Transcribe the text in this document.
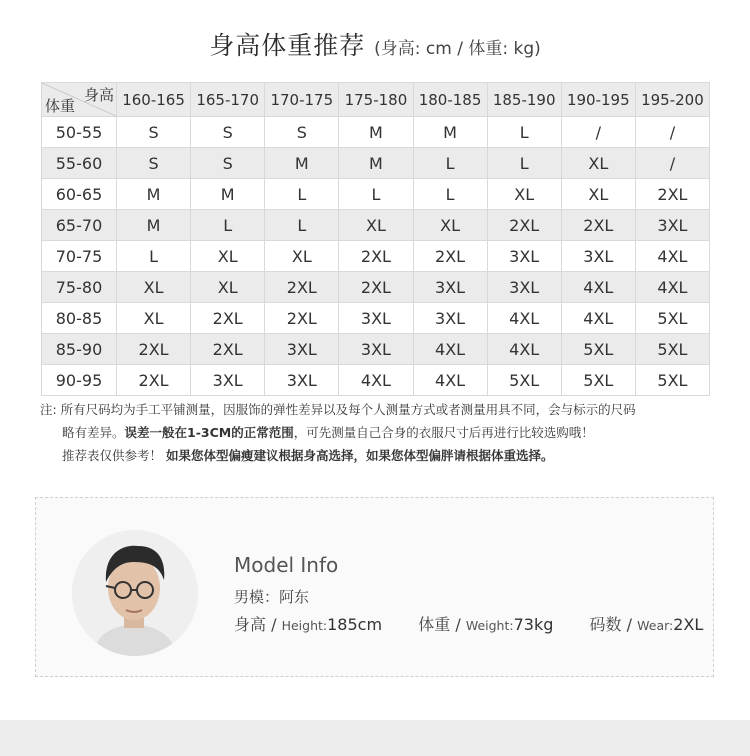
身高体重推荐 (身高: cm / 体重: kg)
身高
体重	160-165	165-170	170-175	175-180	180-185	185-190	190-195	195-200
50-55	S	S	S	M	M	L	/	/
55-60	S	S	M	M	L	L	XL	/
60-65	M	M	L	L	L	XL	XL	2XL
65-70	M	L	L	XL	XL	2XL	2XL	3XL
70-75	L	XL	XL	2XL	2XL	3XL	3XL	4XL
75-80	XL	XL	2XL	2XL	3XL	3XL	4XL	4XL
80-85	XL	2XL	2XL	3XL	3XL	4XL	4XL	5XL
85-90	2XL	2XL	3XL	3XL	4XL	4XL	5XL	5XL
90-95	2XL	3XL	3XL	4XL	4XL	5XL	5XL	5XL
注: 所有尺码均为手工平铺测量，因服饰的弹性差异以及每个人测量方式或者测量用具不同，会与标示的尺码
略有差异。误差一般在1-3CM的正常范围，可先测量自己合身的衣服尺寸后再进行比较选购哦！
推荐表仅供参考！ 如果您体型偏瘦建议根据身高选择，如果您体型偏胖请根据体重选择。
Model Info
男模：阿东
身高 / Height:185cm 体重 / Weight:73kg 码数 / Wear:2XL
